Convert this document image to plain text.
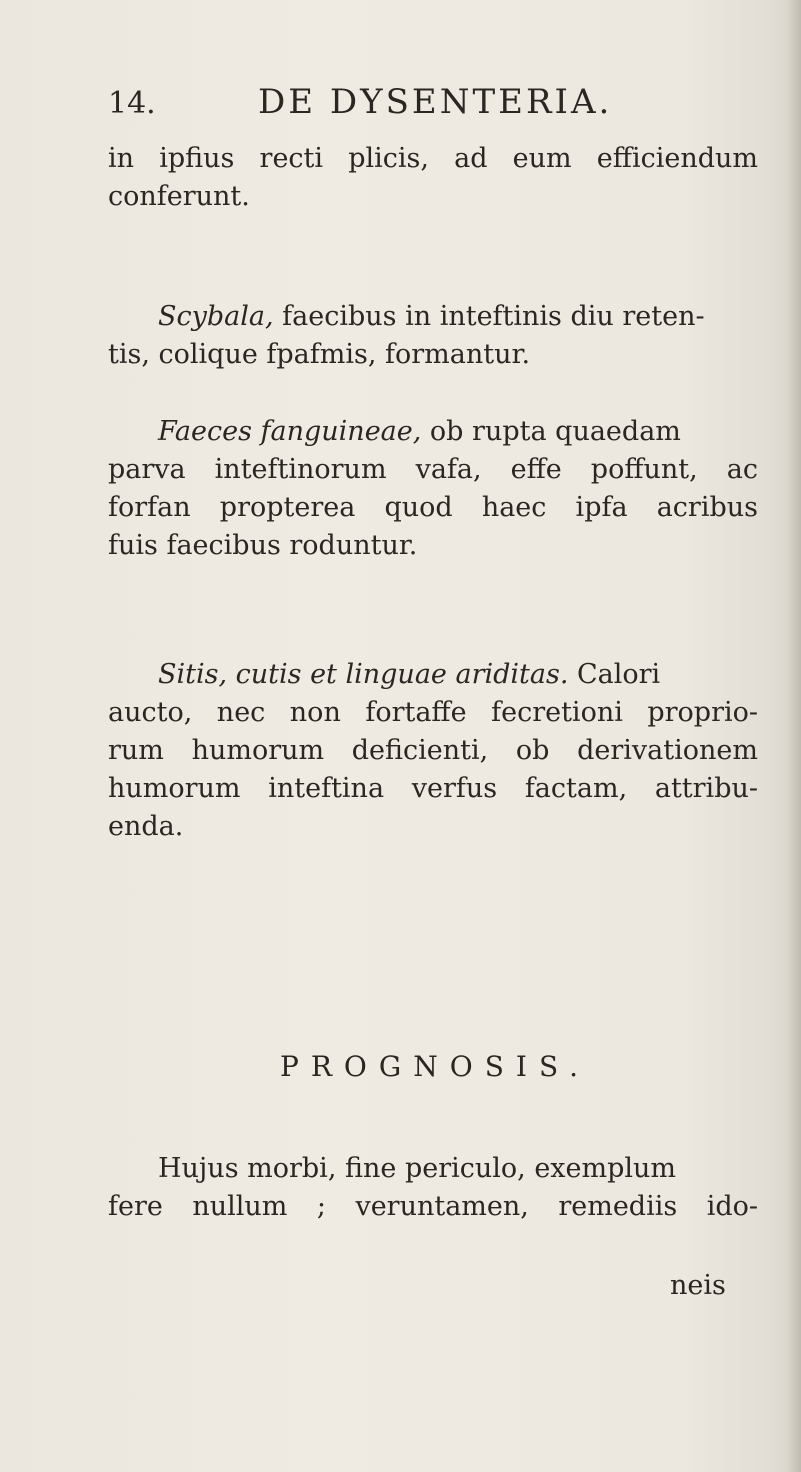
14.	DE DYSENTERIA.
in ipfius recti plicis, ad eum efficiendum
conferunt.
Scybala, faecibus in inteftinis diu reten-
tis, colique fpafmis, formantur.
Faeces fanguineae, ob rupta quaedam
parva inteftinorum vafa, effe poffunt, ac
forfan propterea quod haec ipfa acribus
fuis faecibus roduntur.
Sitis, cutis et linguae ariditas. Calori
aucto, nec non fortaffe fecretioni proprio-
rum humorum deficienti, ob derivationem
humorum inteftina verfus factam, attribu-
enda.
PROGNOSIS.
Hujus morbi, fine periculo, exemplum
fere nullum ; veruntamen, remediis ido-
neis
